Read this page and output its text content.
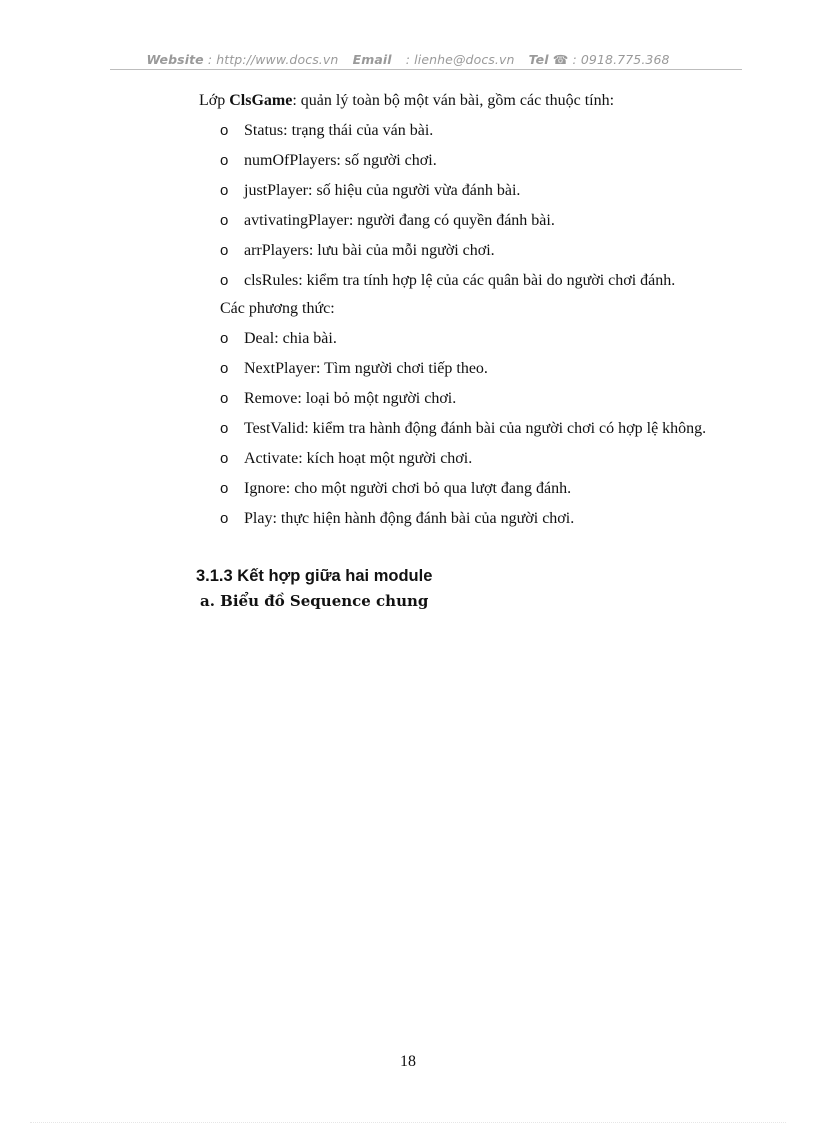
Website : http://www.docs.vn Email : lienhe@docs.vn Tel ☎ : 0918.775.368
Lớp ClsGame: quản lý toàn bộ một ván bài, gồm các thuộc tính:
o Status: trạng thái của ván bài.
o numOfPlayers: số người chơi.
o justPlayer: số hiệu của người vừa đánh bài.
o avtivatingPlayer: người đang có quyền đánh bài.
o arrPlayers: lưu bài của mỗi người chơi.
o clsRules: kiểm tra tính hợp lệ của các quân bài do người chơi đánh.
Các phương thức:
o Deal: chia bài.
o NextPlayer: Tìm người chơi tiếp theo.
o Remove: loại bỏ một người chơi.
o TestValid: kiểm tra hành động đánh bài của người chơi có hợp lệ không.
o Activate: kích hoạt một người chơi.
o Ignore: cho một người chơi bỏ qua lượt đang đánh.
o Play: thực hiện hành động đánh bài của người chơi.
3.1.3 Kết hợp giữa hai module
a. Biểu đồ Sequence chung
18
